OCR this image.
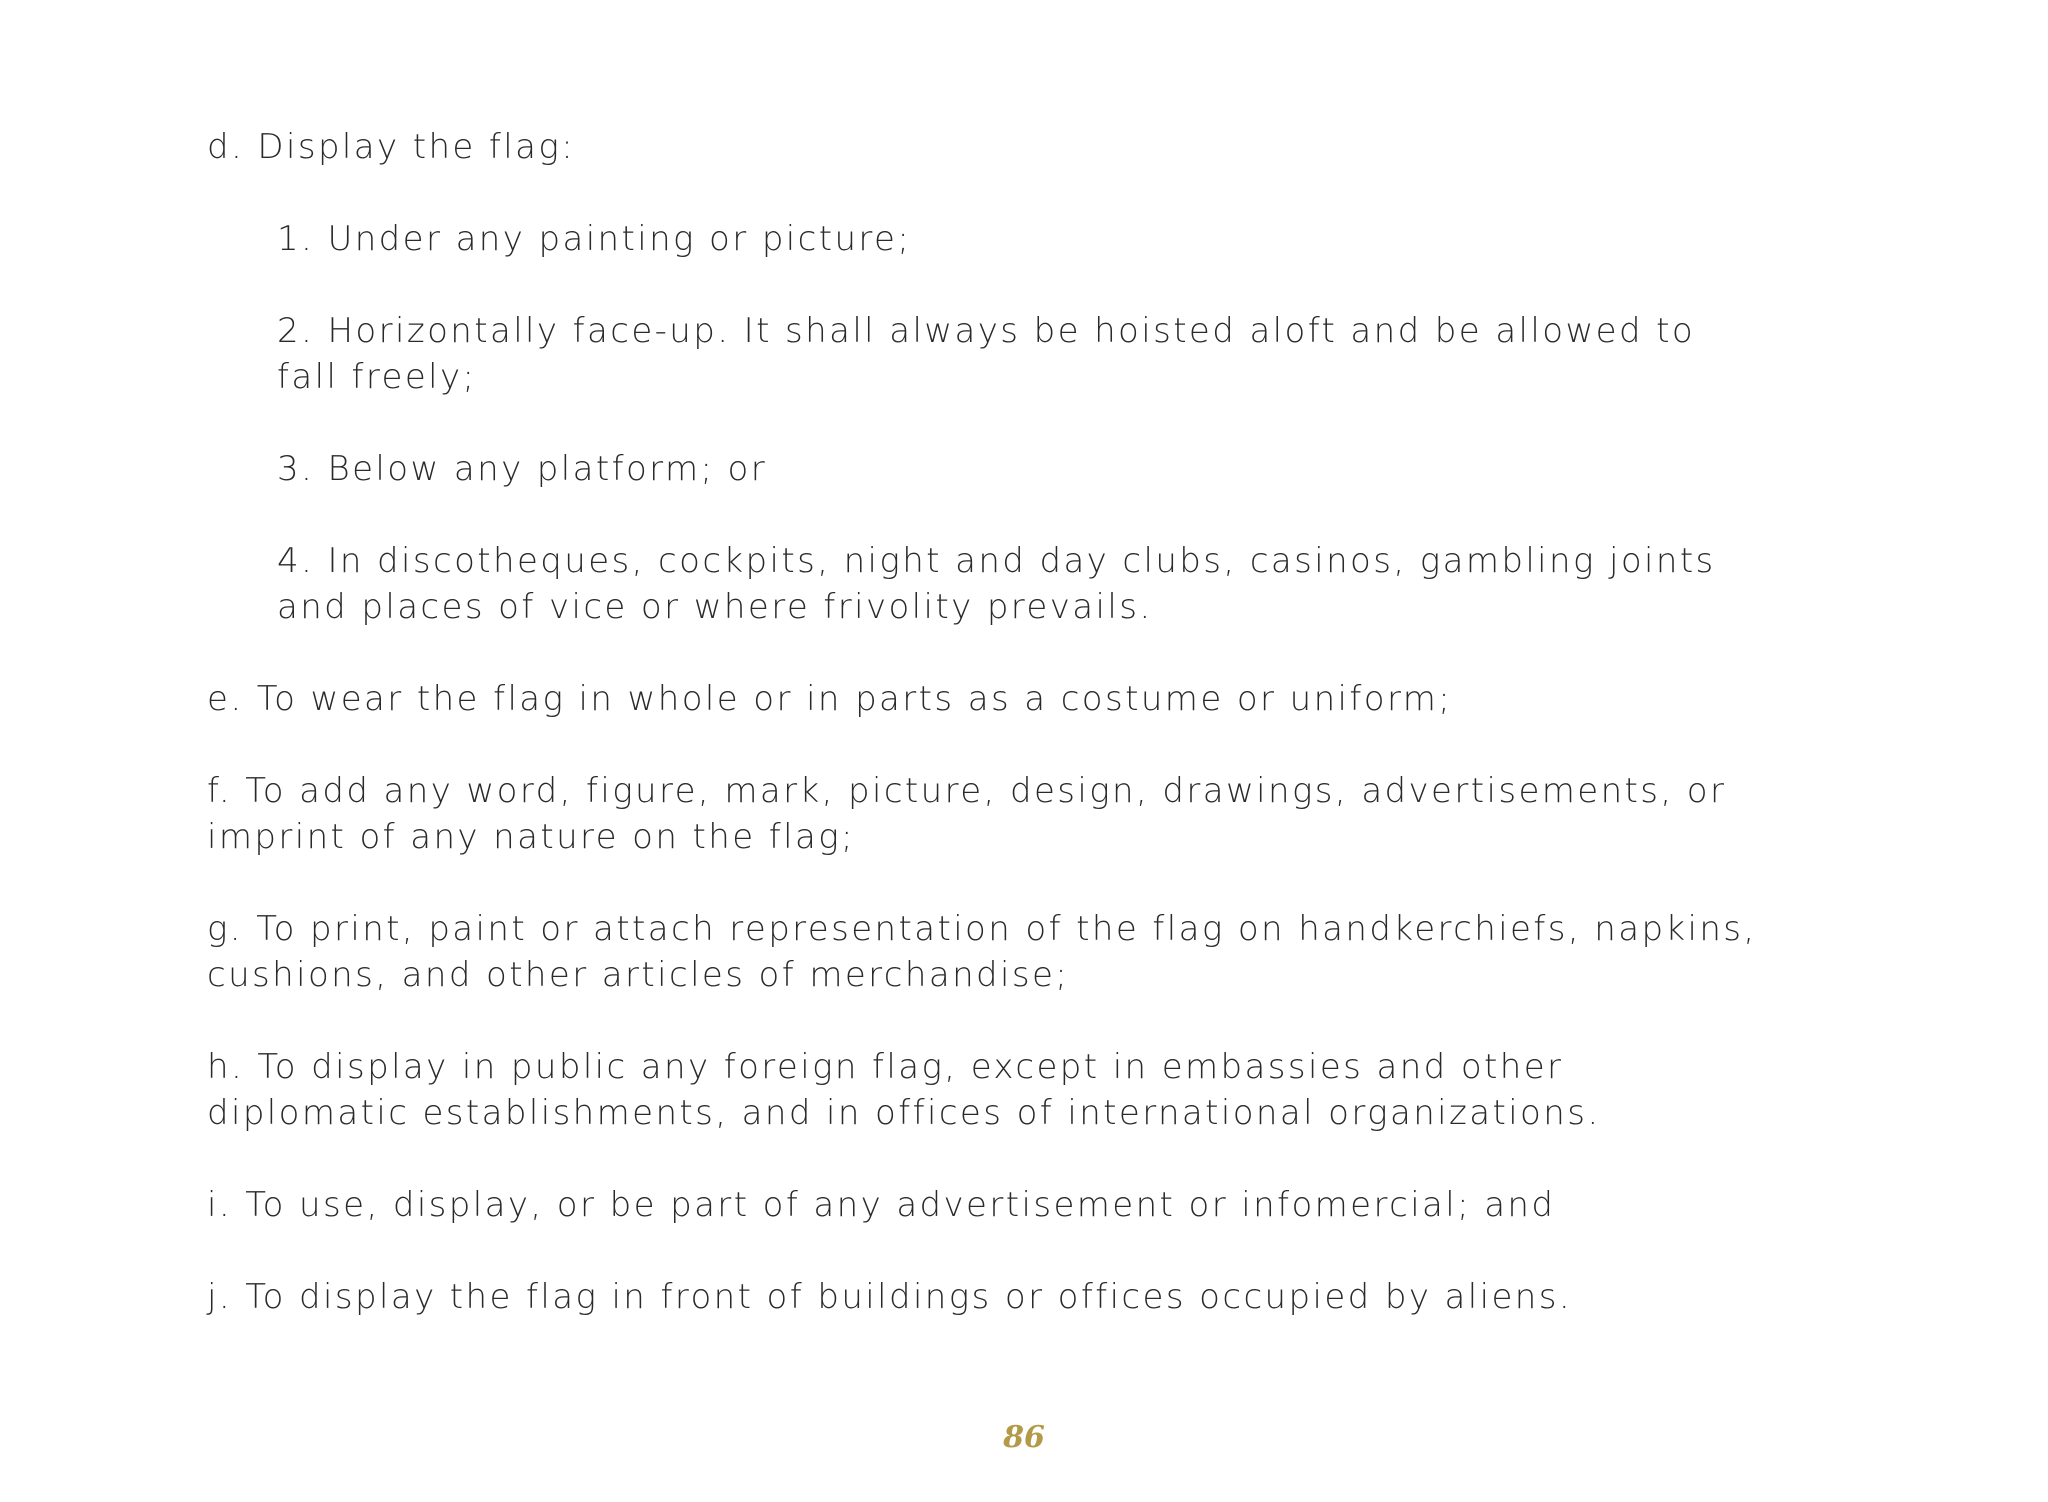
d. Display the flag:

1. Under any painting or picture;

2. Horizontally face-up. It shall always be hoisted aloft and be allowed to fall freely;

3. Below any platform; or

4. In discotheques, cockpits, night and day clubs, casinos, gambling joints and places of vice or where frivolity prevails.

e. To wear the flag in whole or in parts as a costume or uniform;

f. To add any word, figure, mark, picture, design, drawings, advertisements, or imprint of any nature on the flag;

g. To print, paint or attach representation of the flag on handkerchiefs, napkins, cushions, and other articles of merchandise;

h. To display in public any foreign flag, except in embassies and other diplomatic establishments, and in offices of international organizations.

i. To use, display, or be part of any advertisement or infomercial; and

j. To display the flag in front of buildings or offices occupied by aliens.

86
